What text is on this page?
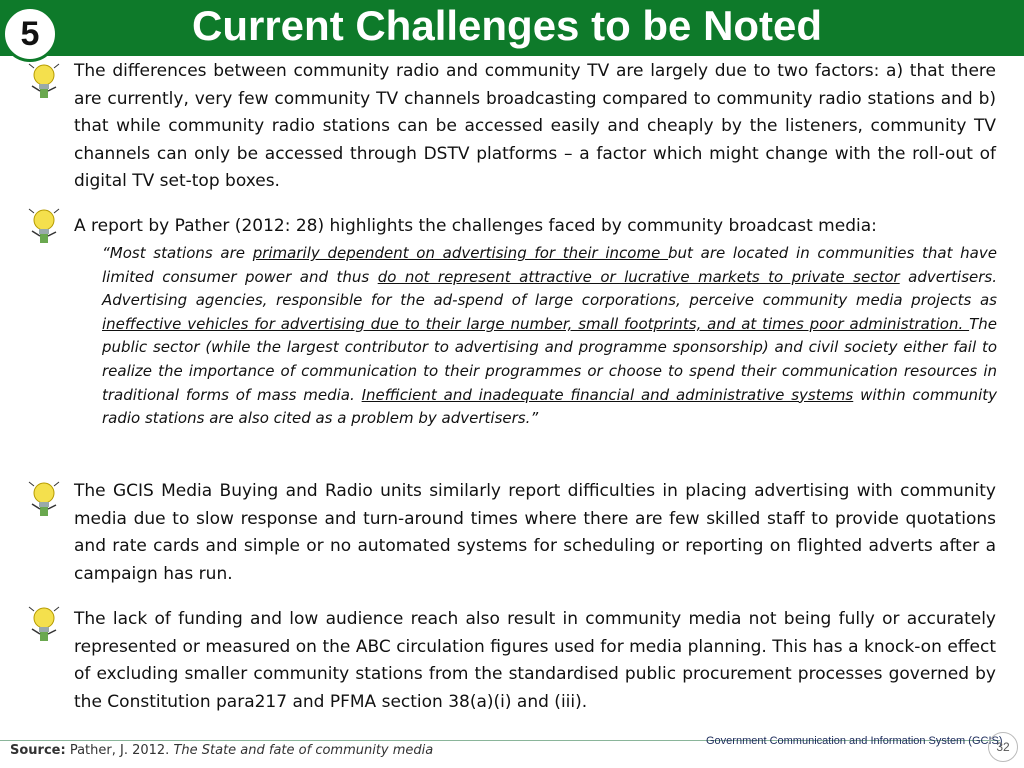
Current Challenges to be Noted
5
The differences between community radio and community TV are largely due to two factors: a) that there are currently, very few community TV channels broadcasting compared to community radio stations and b) that while community radio stations can be accessed easily and cheaply by the listeners, community TV channels can only be accessed through DSTV platforms – a factor which might change with the roll-out of digital TV set-top boxes.
A report by Pather (2012: 28) highlights the challenges faced by community broadcast media:
“Most stations are primarily dependent on advertising for their income but are located in communities that have limited consumer power and thus do not represent attractive or lucrative markets to private sector advertisers. Advertising agencies, responsible for the ad-spend of large corporations, perceive community media projects as ineffective vehicles for advertising due to their large number, small footprints, and at times poor administration. The public sector (while the largest contributor to advertising and programme sponsorship) and civil society either fail to realize the importance of communication to their programmes or choose to spend their communication resources in traditional forms of mass media. Inefficient and inadequate financial and administrative systems within community radio stations are also cited as a problem by advertisers.”
The GCIS Media Buying and Radio units similarly report difficulties in placing advertising with community media due to slow response and turn-around times where there are few skilled staff to provide quotations and rate cards and simple or no automated systems for scheduling or reporting on flighted adverts after a campaign has run.
The lack of funding and low audience reach also result in community media not being fully or accurately represented or measured on the ABC circulation figures used for media planning. This has a knock-on effect of excluding smaller community stations from the standardised public procurement processes governed by the Constitution para217 and PFMA section 38(a)(i) and (iii).
Source: Pather, J. 2012. The State and fate of community media
Government Communication and Information System (GCIS)
32
